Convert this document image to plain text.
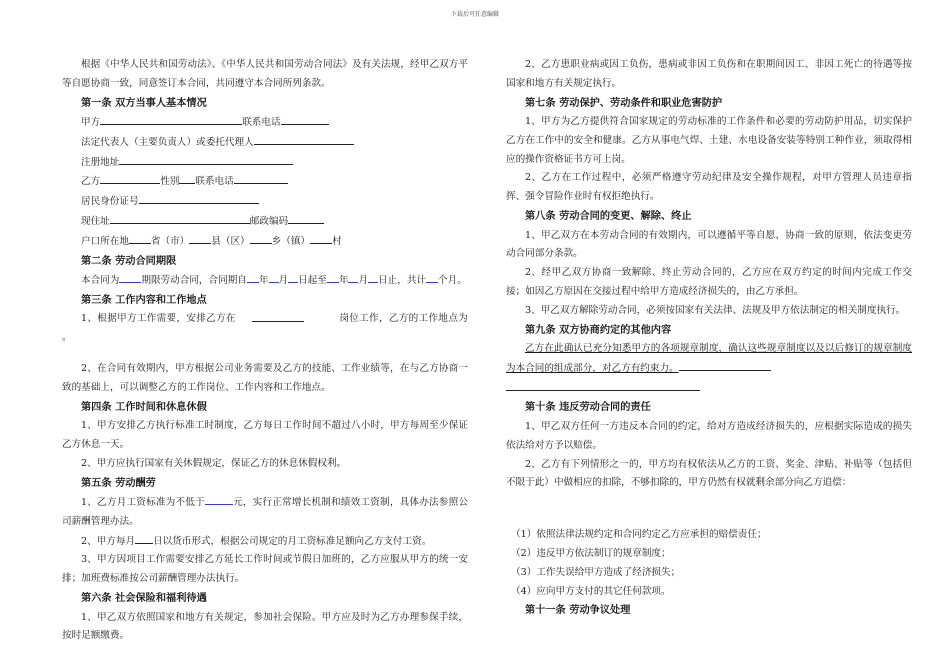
下载后可任意编辑

根据《中华人民共和国劳动法》、《中华人民共和国劳动合同法》及有关法规，经甲乙双方平等自愿协商一致，同意签订本合同，共同遵守本合同所列条款。

第一条 双方当事人基本情况

甲方	联系电话

法定代表人（主要负责人）或委托代理人

注册地址

乙方	性别 联系电话

居民身份证号

现住址	邮政编码

户口所在地 省（市） 县（区） 乡（镇） 村

第二条 劳动合同期限

本合同为 期限劳动合同，合同期自 年 月 日起至 年 月 日止，共计 个月。

第三条 工作内容和工作地点

1、根据甲方工作需要，安排乙方在	岗位工作，乙方的工作地点为

。

2、在合同有效期内，甲方根据公司业务需要及乙方的技能、工作业绩等，在与乙方协商一致的基础上，可以调整乙方的工作岗位、工作内容和工作地点。

第四条 工作时间和休息休假

1、甲方安排乙方执行标准工时制度，乙方每日工作时间不超过八小时，甲方每周至少保证乙方休息一天。

2、甲方应执行国家有关休假规定，保证乙方的休息休假权利。

第五条 劳动酬劳

1、乙方月工资标准为不低于	元，实行正常增长机制和绩效工资制，具体办法参照公司薪酬管理办法。

2、甲方每月 日以货币形式，根据公司规定的月工资标准足额向乙方支付工资。

3、甲方因项目工作需要安排乙方延长工作时间或节假日加班的，乙方应服从甲方的统一安排；加班费标准按公司薪酬管理办法执行。

第六条 社会保险和福利待遇

1、甲乙双方依照国家和地方有关规定，参加社会保险。甲方应及时为乙方办理参保手续，按时足额缴费。

2、乙方患职业病或因工负伤，患病或非因工负伤和在职期间因工、非因工死亡的待遇等按国家和地方有关规定执行。

第七条 劳动保护、劳动条件和职业危害防护

1、甲方为乙方提供符合国家规定的劳动标准的工作条件和必要的劳动防护用品，切实保护乙方在工作中的安全和健康。乙方从事电气焊、土建、水电设备安装等特别工种作业，须取得相应的操作资格证书方可上岗。

2、乙方在工作过程中，必须严格遵守劳动纪律及安全操作规程，对甲方管理人员违章指挥、强令冒险作业时有权拒绝执行。

第八条 劳动合同的变更、解除、终止

1、甲乙双方在本劳动合同的有效期内，可以遵循平等自愿、协商一致的原则，依法变更劳动合同部分条款。

2、经甲乙双方协商一致解除、终止劳动合同的，乙方应在双方约定的时间内完成工作交接；如因乙方原因在交接过程中给甲方造成经济损失的，由乙方承担。

3、甲乙双方解除劳动合同，必须按国家有关法律、法规及甲方依法制定的相关制度执行。

第九条 双方协商约定的其他内容

乙方在此确认已充分知悉甲方的各项规章制度，确认这些规章制度以及以后修订的规章制度为本合同的组成部分，对乙方有约束力。

第十条 违反劳动合同的责任

1、甲乙双方任何一方违反本合同的约定，给对方造成经济损失的，应根据实际造成的损失依法给对方予以赔偿。

2、乙方有下列情形之一的，甲方均有权依法从乙方的工资、奖金、津贴、补贴等（包括但不限于此）中做相应的扣除，不够扣除的，甲方仍然有权就剩余部分向乙方追偿：

（1）依照法律法规约定和合同约定乙方应承担的赔偿责任；

（2）违反甲方依法制订的规章制度；

（3）工作失误给甲方造成了经济损失；

（4）应向甲方支付的其它任何款项。

第十一条 劳动争议处理
